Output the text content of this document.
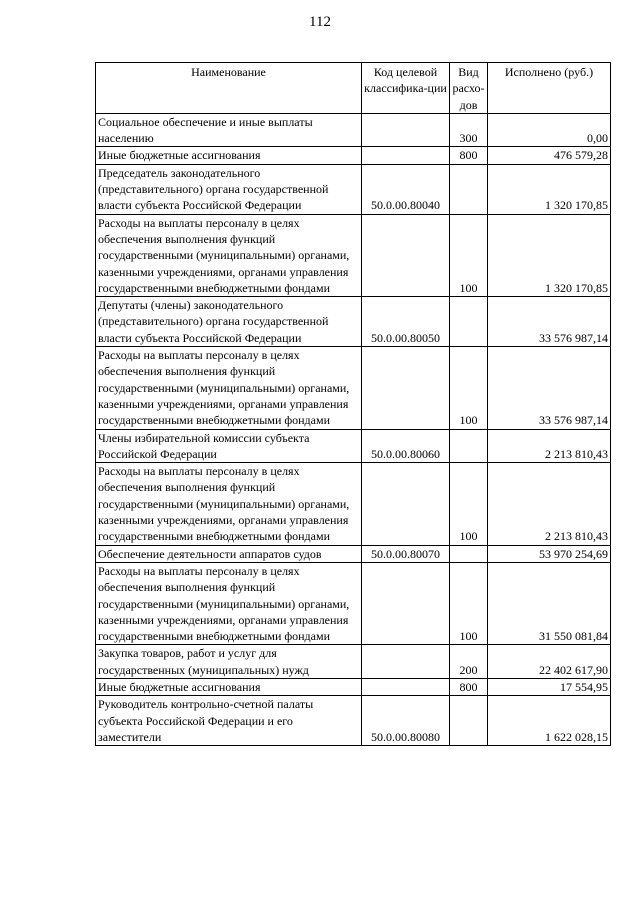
112
Наименование	Код целевой классифика-ции	Вид расхо-дов	Исполнено (руб.)
Социальное обеспечение и иные выплаты населению		300	0,00
Иные бюджетные ассигнования		800	476 579,28
Председатель законодательного (представительного) органа государственной власти субъекта Российской Федерации	50.0.00.80040		1 320 170,85
Расходы на выплаты персоналу в целях обеспечения выполнения функций государственными (муниципальными) органами, казенными учреждениями, органами управления государственными внебюджетными фондами		100	1 320 170,85
Депутаты (члены) законодательного (представительного) органа государственной власти субъекта Российской Федерации	50.0.00.80050		33 576 987,14
Расходы на выплаты персоналу в целях обеспечения выполнения функций государственными (муниципальными) органами, казенными учреждениями, органами управления государственными внебюджетными фондами		100	33 576 987,14
Члены избирательной комиссии субъекта Российской Федерации	50.0.00.80060		2 213 810,43
Расходы на выплаты персоналу в целях обеспечения выполнения функций государственными (муниципальными) органами, казенными учреждениями, органами управления государственными внебюджетными фондами		100	2 213 810,43
Обеспечение деятельности аппаратов судов	50.0.00.80070		53 970 254,69
Расходы на выплаты персоналу в целях обеспечения выполнения функций государственными (муниципальными) органами, казенными учреждениями, органами управления государственными внебюджетными фондами		100	31 550 081,84
Закупка товаров, работ и услуг для государственных (муниципальных) нужд		200	22 402 617,90
Иные бюджетные ассигнования		800	17 554,95
Руководитель контрольно-счетной палаты субъекта Российской Федерации и его заместители	50.0.00.80080		1 622 028,15
